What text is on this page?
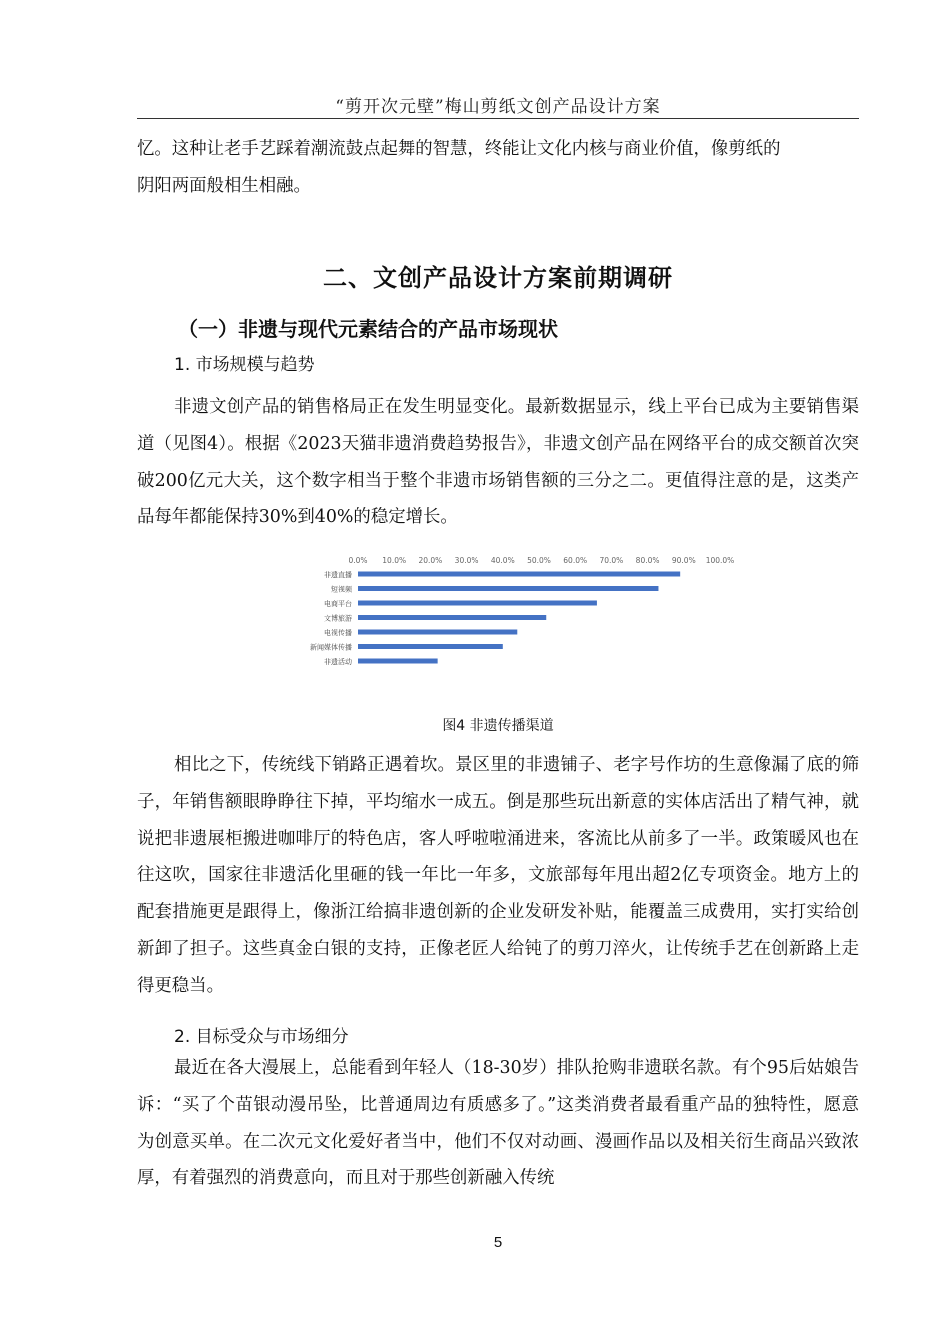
“剪开次元壁”梅山剪纸文创产品设计方案

忆。这种让老手艺踩着潮流鼓点起舞的智慧，终能让文化内核与商业价值，像剪纸的

阴阳两面般相生相融。

二、文创产品设计方案前期调研
（一）非遗与现代元素结合的产品市场现状
1. 市场规模与趋势

非遗文创产品的销售格局正在发生明显变化。最新数据显示，线上平台已成为主要销售渠道（见图4）。根据《2023天猫非遗消费趋势报告》，非遗文创产品在网络平台的成交额首次突破200亿元大关，这个数字相当于整个非遗市场销售额的三分之二。更值得注意的是，这类产品每年都能保持30%到40%的稳定增长。

0.0% 10.0% 20.0% 30.0% 40.0% 50.0% 60.0% 70.0% 80.0% 90.0% 100.0%
非遗直播
短视频
电商平台
文博旅游
电视传播
新闻媒体传播
非遗活动
图4 非遗传播渠道

相比之下，传统线下销路正遇着坎。景区里的非遗铺子、老字号作坊的生意像漏了底的筛子，年销售额眼睁睁往下掉，平均缩水一成五。倒是那些玩出新意的实体店活出了精气神，就说把非遗展柜搬进咖啡厅的特色店，客人呼啦啦涌进来，客流比从前多了一半。政策暖风也在往这吹，国家往非遗活化里砸的钱一年比一年多，文旅部每年甩出超2亿专项资金。地方上的配套措施更是跟得上，像浙江给搞非遗创新的企业发研发补贴，能覆盖三成费用，实打实给创新卸了担子。这些真金白银的支持，正像老匠人给钝了的剪刀淬火，让传统手艺在创新路上走得更稳当。

2. 目标受众与市场细分

最近在各大漫展上，总能看到年轻人（18-30岁）排队抢购非遗联名款。有个95后姑娘告诉：“买了个苗银动漫吊坠，比普通周边有质感多了。”这类消费者最看重产品的独特性，愿意为创意买单。在二次元文化爱好者当中，他们不仅对动画、漫画作品以及相关衍生商品兴致浓厚，有着强烈的消费意向，而且对于那些创新融入传统

5
